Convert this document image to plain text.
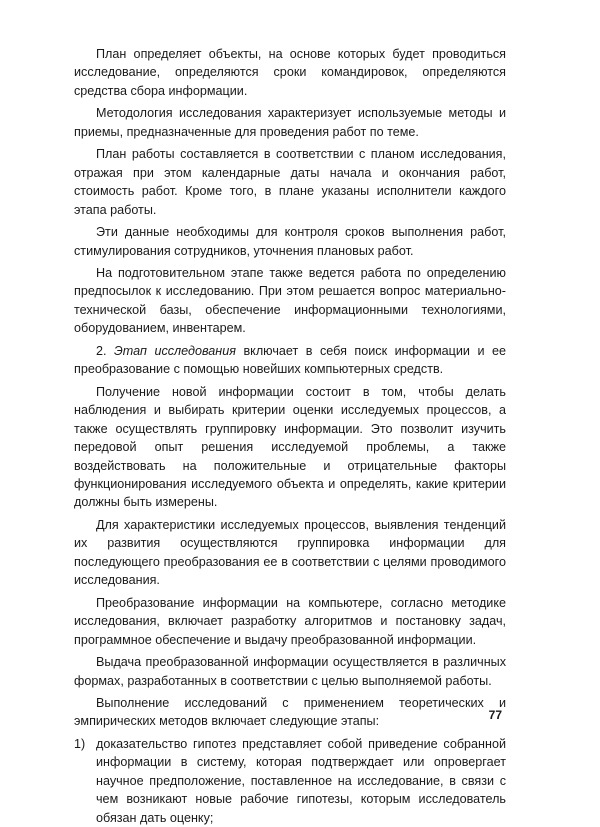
План определяет объекты, на основе которых будет проводиться исследование, определяются сроки командировок, определяются средства сбора информации.

Методология исследования характеризует используемые методы и приемы, предназначенные для проведения работ по теме.

План работы составляется в соответствии с планом исследования, отражая при этом календарные даты начала и окончания работ, стоимость работ. Кроме того, в плане указаны исполнители каждого этапа работы.

Эти данные необходимы для контроля сроков выполнения работ, стимулирования сотрудников, уточнения плановых работ.

На подготовительном этапе также ведется работа по определению предпосылок к исследованию. При этом решается вопрос материально-технической базы, обеспечение информационными технологиями, оборудованием, инвентарем.

2. Этап исследования включает в себя поиск информации и ее преобразование с помощью новейших компьютерных средств.

Получение новой информации состоит в том, чтобы делать наблюдения и выбирать критерии оценки исследуемых процессов, а также осуществлять группировку информации. Это позволит изучить передовой опыт решения исследуемой проблемы, а также воздействовать на положительные и отрицательные факторы функционирования исследуемого объекта и определять, какие критерии должны быть измерены.

Для характеристики исследуемых процессов, выявления тенденций их развития осуществляются группировка информации для последующего преобразования ее в соответствии с целями проводимого исследования.

Преобразование информации на компьютере, согласно методике исследования, включает разработку алгоритмов и постановку задач, программное обеспечение и выдачу преобразованной информации.

Выдача преобразованной информации осуществляется в различных формах, разработанных в соответствии с целью выполняемой работы.

Выполнение исследований с применением теоретических и эмпирических методов включает следующие этапы:

1) доказательство гипотез представляет собой приведение собранной информации в систему, которая подтверждает или опровергает научное предположение, поставленное на исследование, в связи с чем возникают новые рабочие гипотезы, которым исследователь обязан дать оценку;

77
